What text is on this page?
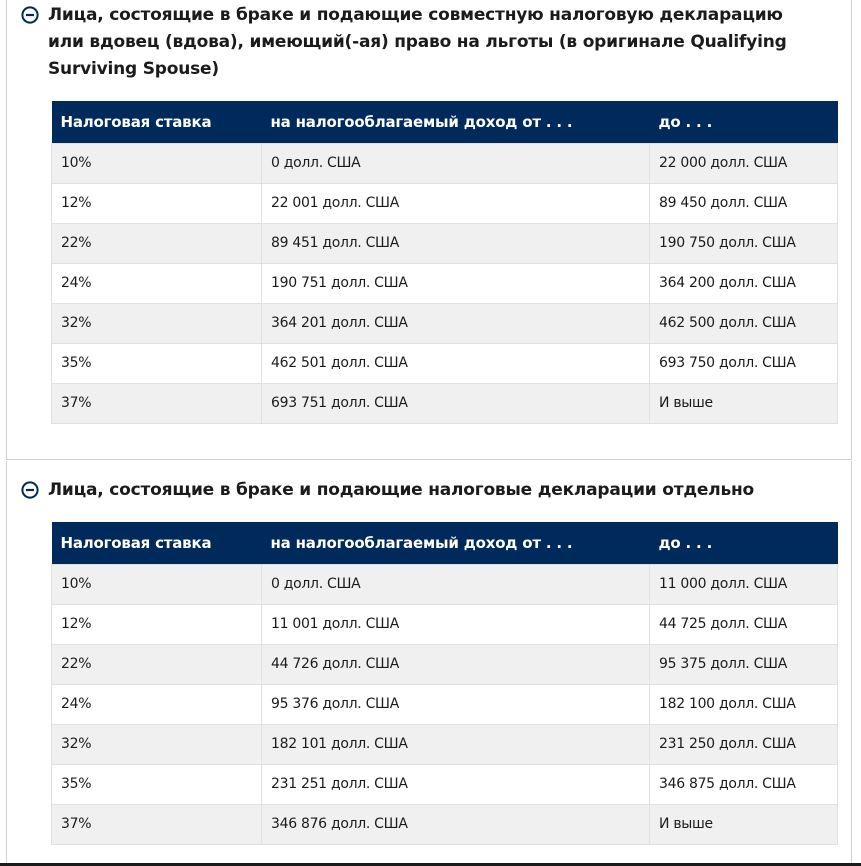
Лица, состоящие в браке и подающие совместную налоговую декларацию или вдовец (вдова), имеющий(-ая) право на льготы (в оригинале Qualifying Surviving Spouse)
Налоговая ставка	на налогооблагаемый доход от . . .	до . . .
10%	0 долл. США	22 000 долл. США
12%	22 001 долл. США	89 450 долл. США
22%	89 451 долл. США	190 750 долл. США
24%	190 751 долл. США	364 200 долл. США
32%	364 201 долл. США	462 500 долл. США
35%	462 501 долл. США	693 750 долл. США
37%	693 751 долл. США	И выше
Лица, состоящие в браке и подающие налоговые декларации отдельно
Налоговая ставка	на налогооблагаемый доход от . . .	до . . .
10%	0 долл. США	11 000 долл. США
12%	11 001 долл. США	44 725 долл. США
22%	44 726 долл. США	95 375 долл. США
24%	95 376 долл. США	182 100 долл. США
32%	182 101 долл. США	231 250 долл. США
35%	231 251 долл. США	346 875 долл. США
37%	346 876 долл. США	И выше
